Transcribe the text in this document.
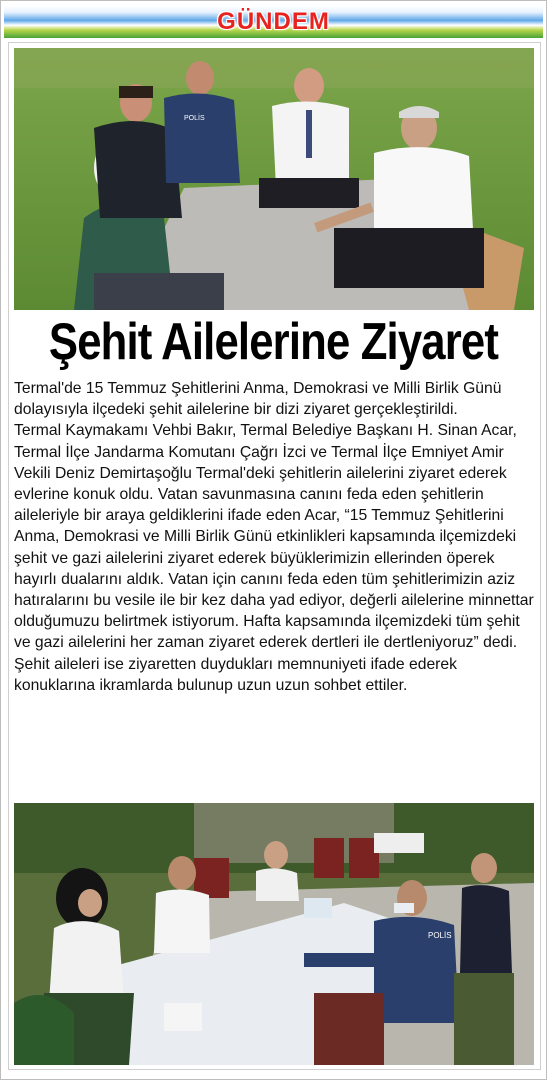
GÜNDEM
POLİS
Şehit Ailelerine Ziyaret

Termal'de 15 Temmuz Şehitlerini Anma, Demokrasi ve Milli Birlik Günü dolayısıyla ilçedeki şehit ailelerine bir dizi ziyaret gerçekleştirildi.

Termal Kaymakamı Vehbi Bakır, Termal Belediye Başkanı H. Sinan Acar, Termal İlçe Jandarma Komutanı Çağrı İzci ve Termal İlçe Emniyet Amir Vekili Deniz Demirtaşoğlu Termal'deki şehitlerin ailelerini ziyaret ederek evlerine konuk oldu. Vatan savunmasına canını feda eden şehitlerin aileleriyle bir araya geldiklerini ifade eden Acar, “15 Temmuz Şehitlerini Anma, Demokrasi ve Milli Birlik Günü etkinlikleri kapsamında ilçemizdeki şehit ve gazi ailelerini ziyaret ederek büyüklerimizin ellerinden öperek hayırlı dualarını aldık. Vatan için canını feda eden tüm şehitlerimizin aziz hatıralarını bu vesile ile bir kez daha yad ediyor, değerli ailelerine minnettar olduğumuzu belirtmek istiyorum. Hafta kapsamında ilçemizdeki tüm şehit ve gazi ailelerini her zaman ziyaret ederek dertleri ile dertleniyoruz” dedi.

Şehit aileleri ise ziyaretten duydukları memnuniyeti ifade ederek konuklarına ikramlarda bulunup uzun uzun sohbet ettiler.

POLİS
